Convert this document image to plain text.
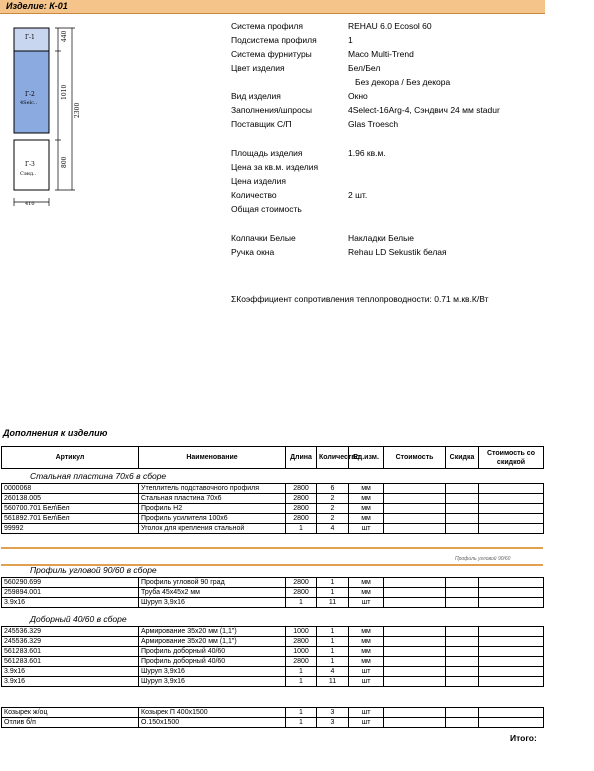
Изделие: К-01
Г-1
Г-2
4Selc..
Г-3
Сэнд..
440
1010
800
2300
410
Система профиля	REHAU 6.0 Ecosol 60
Подсистема профиля	1
Система фурнитуры	Maco Multi-Trend
Цвет изделия	Бел/Бел
Без декора / Без декора
Вид изделия	Окно
Заполнения/шпросы	4Select-16Arg-4, Сэндвич 24 мм stadur
Поставщик С/П	Glas Troesch
Площадь изделия	1.96 кв.м.
Цена за кв.м. изделия
Цена изделия
Количество	2 шт.
Общая стоимость
Колпачки Белые	Накладки Белые
Ручка окна	Rehau LD Sekustik белая
ΣКоэффициент сопротивления теплопроводности: 0.71 м.кв.К/Вт
Дополнения к изделию
Артикул	Наименование	Длина	Количество	Ед.изм.	Стоимость	Скидка	Стоимость со скидкой
Стальная пластина 70х6 в сборе
0000068	Утеплитель подставочного профиля	2800	6	мм			
260138.005	Стальная пластина 70х6	2800	2	мм			
560700.701 Бел\Бел	Профиль Н2	2800	2	мм			
561892.701 Бел\Бел	Профиль усилителя 100х6	2800	2	мм			
99992	Уголок для крепления стальной	1	4	шт			
Профиль угловой 90/60
Профиль угловой 90/60 в сборе
560290.699	Профиль угловой 90 град	2800	1	мм			
259894.001	Труба 45х45х2 мм	2800	1	мм			
3.9х16	Шуруп 3,9х16	1	11	шт			
Доборный 40/60 в сборе
245536.329	Армирование 35х20 мм (1,1")	1000	1	мм			
245536.329	Армирование 35х20 мм (1,1")	2800	1	мм			
561283.601	Профиль доборный 40/60	1000	1	мм			
561283.601	Профиль доборный 40/60	2800	1	мм			
3.9х16	Шуруп 3,9х16	1	4	шт			
3.9х16	Шуруп 3,9х16	1	11	шт			
Козырек ж/оц	Козырек П 400х1500	1	3	шт			
Отлив б/п	О.150х1500	1	3	шт			
Итого:
